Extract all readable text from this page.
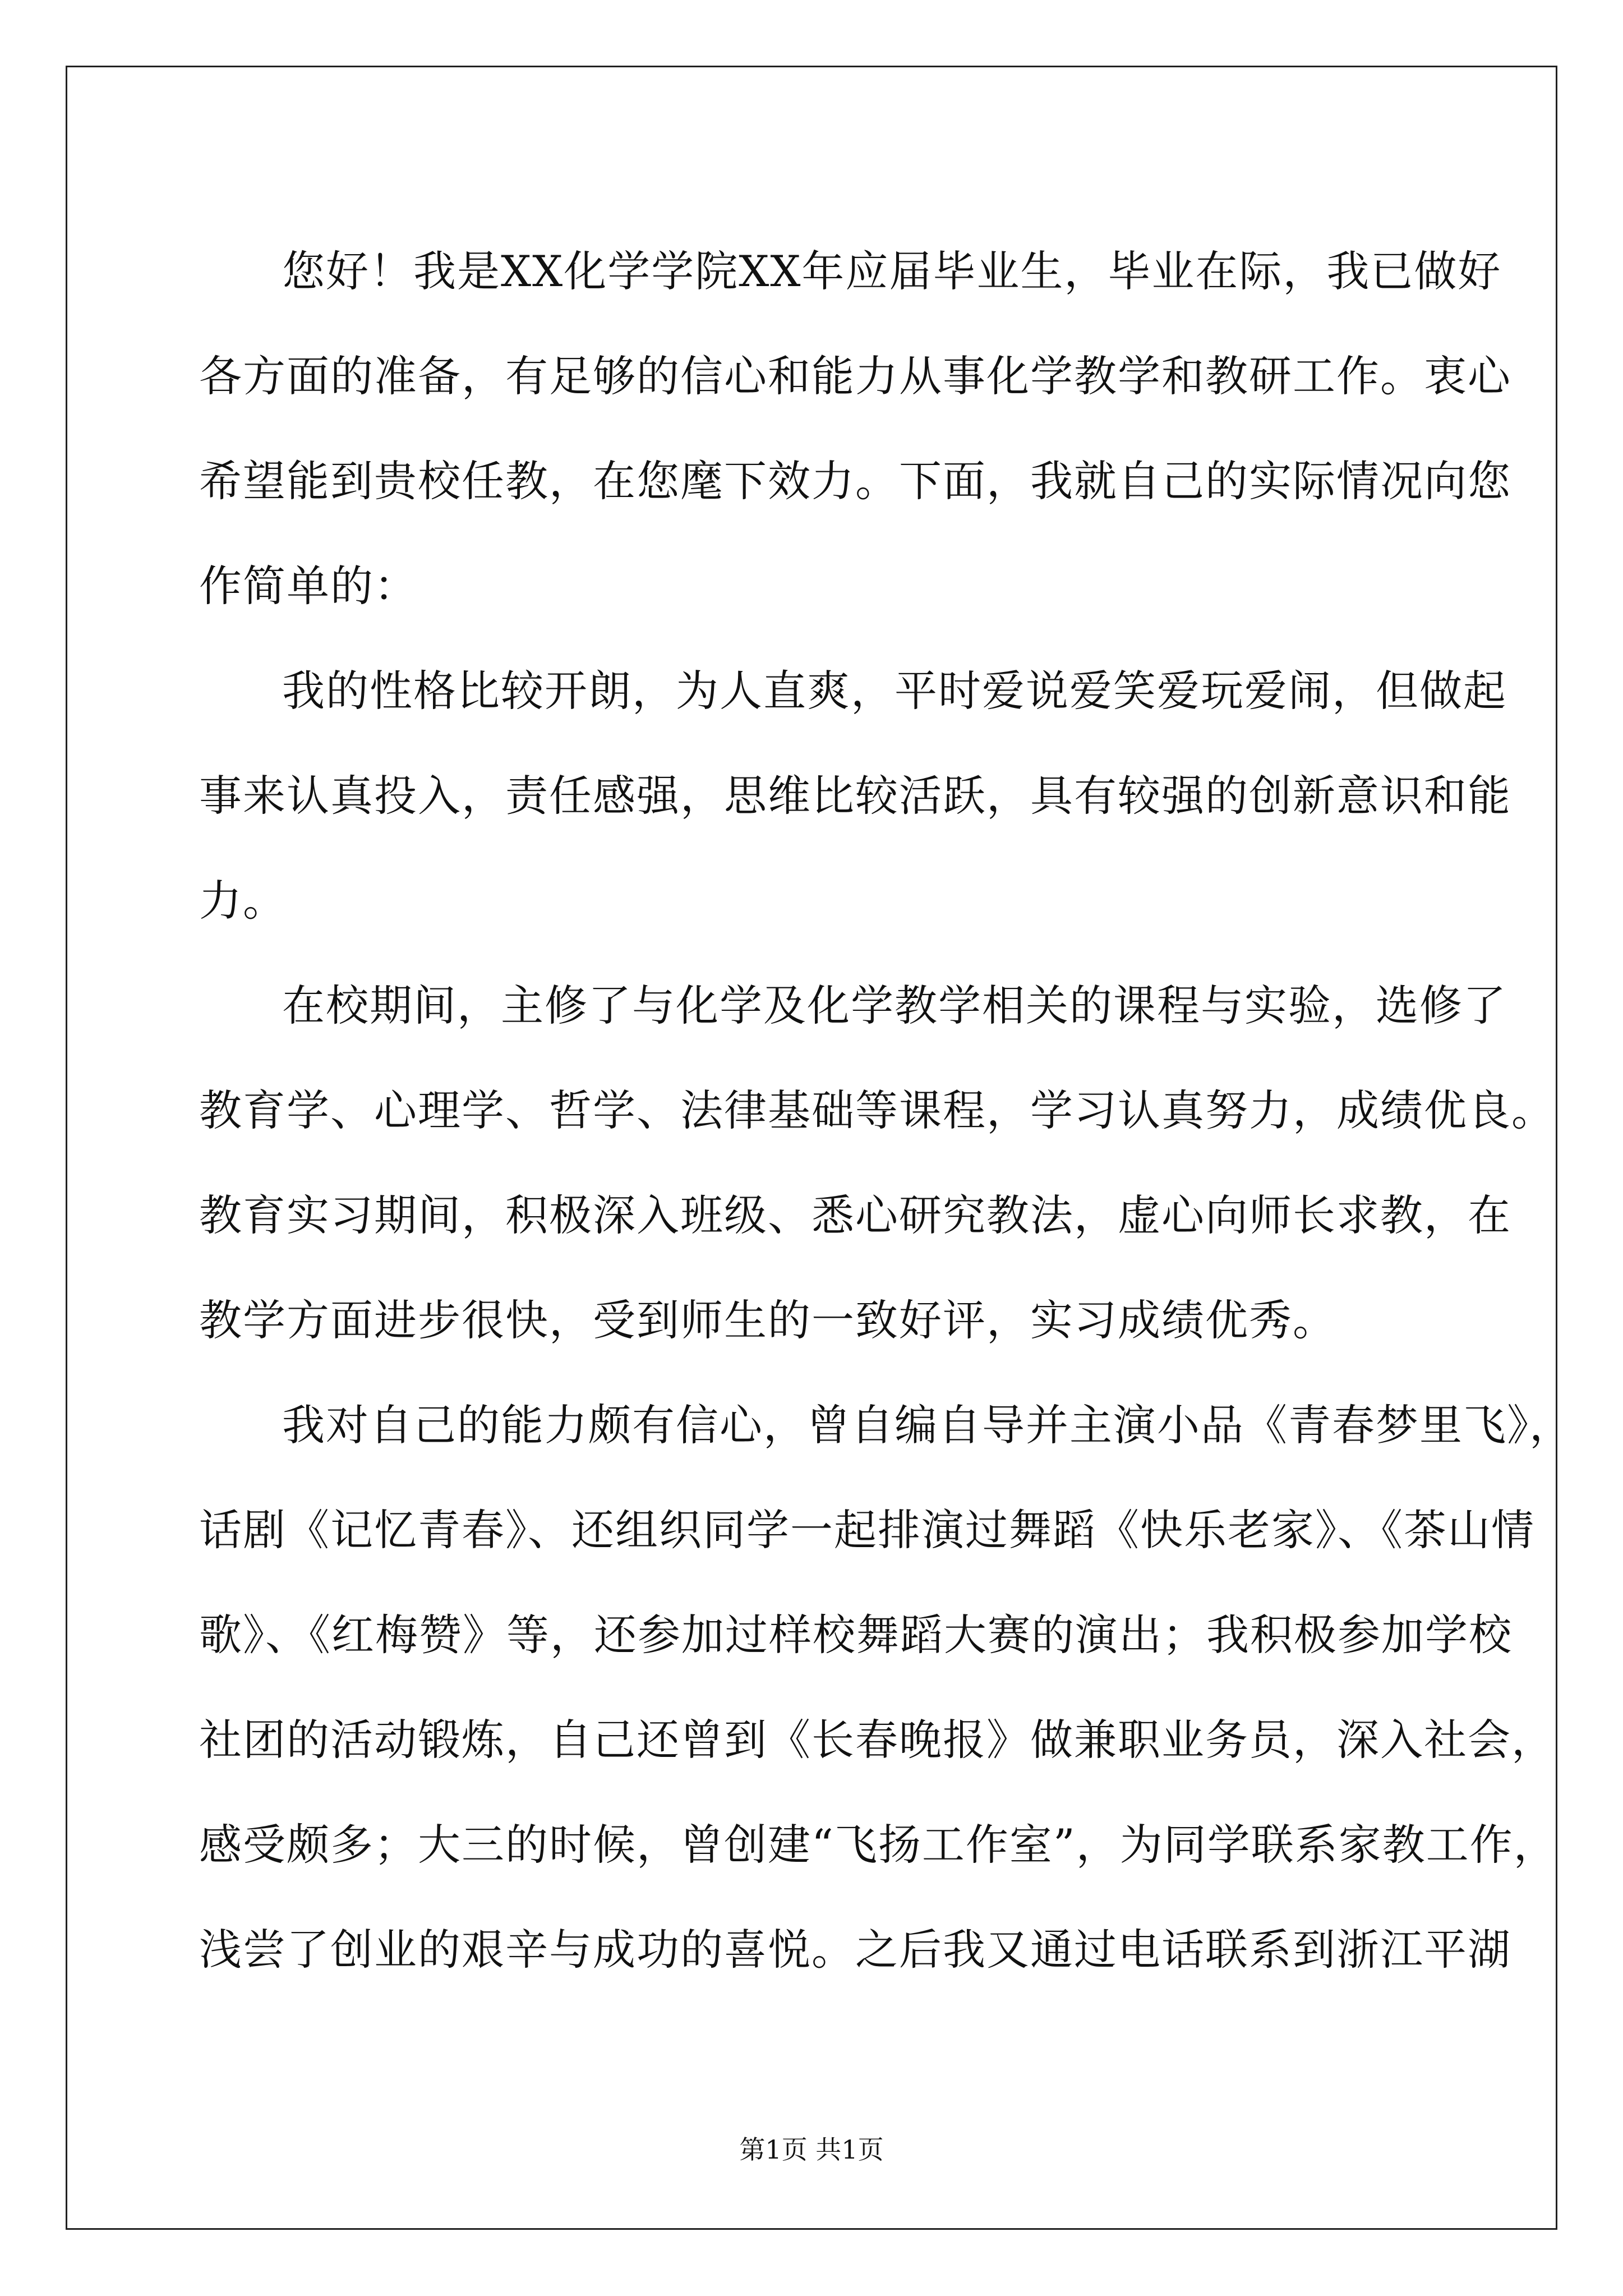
您好！我是XX化学学院XX年应届毕业生，毕业在际，我已做好
各方面的准备，有足够的信心和能力从事化学教学和教研工作。衷心
希望能到贵校任教，在您麾下效力。下面，我就自己的实际情况向您
作简单的：
我的性格比较开朗，为人直爽，平时爱说爱笑爱玩爱闹，但做起
事来认真投入，责任感强，思维比较活跃，具有较强的创新意识和能
力。
在校期间，主修了与化学及化学教学相关的课程与实验，选修了
教育学、心理学、哲学、法律基础等课程，学习认真努力，成绩优良。
教育实习期间，积极深入班级、悉心研究教法，虚心向师长求教，在
教学方面进步很快，受到师生的一致好评，实习成绩优秀。
我对自己的能力颇有信心，曾自编自导并主演小品《青春梦里飞》，
话剧《记忆青春》、还组织同学一起排演过舞蹈《快乐老家》、《茶山情
歌》、《红梅赞》等，还参加过样校舞蹈大赛的演出；我积极参加学校
社团的活动锻炼，自己还曾到《长春晚报》做兼职业务员，深入社会，
感受颇多；大三的时候，曾创建“飞扬工作室”，为同学联系家教工作，
浅尝了创业的艰辛与成功的喜悦。之后我又通过电话联系到浙江平湖
第1页 共1页
